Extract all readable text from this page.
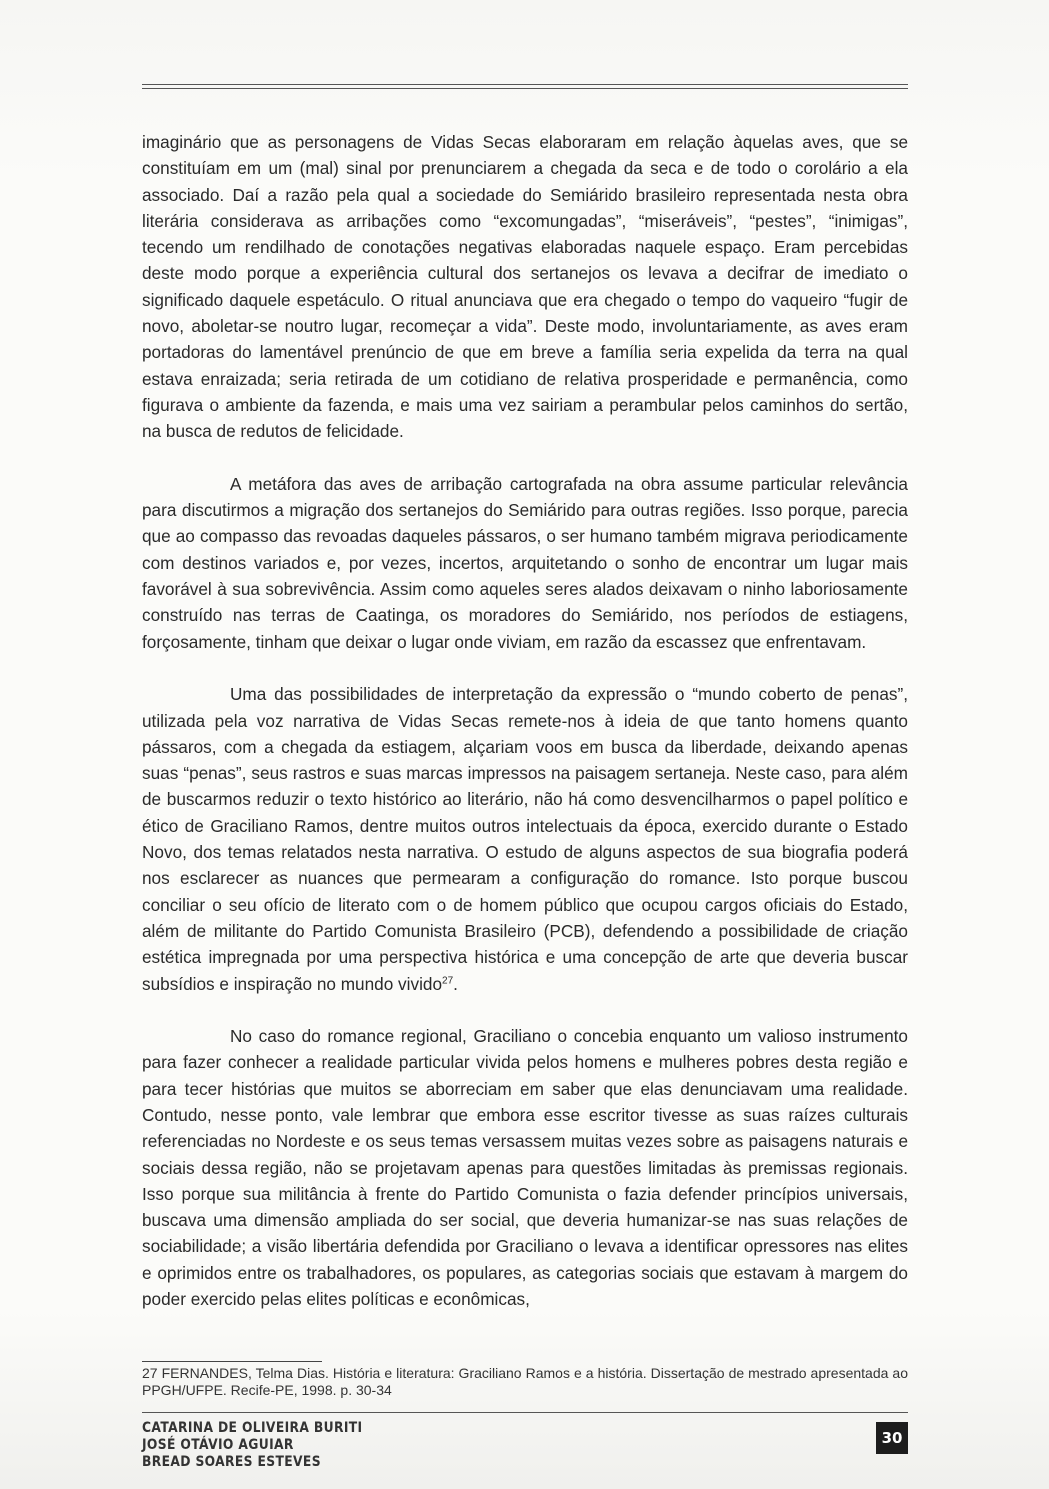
imaginário que as personagens de Vidas Secas elaboraram em relação àquelas aves, que se constituíam em um (mal) sinal por prenunciarem a chegada da seca e de todo o corolário a ela associado. Daí a razão pela qual a sociedade do Semiárido brasileiro representada nesta obra literária considerava as arribações como “excomungadas”, “miseráveis”, “pestes”, “inimigas”, tecendo um rendilhado de conotações negativas elaboradas naquele espaço. Eram percebidas deste modo porque a experiência cultural dos sertanejos os levava a decifrar de imediato o significado daquele espetáculo. O ritual anunciava que era chegado o tempo do vaqueiro “fugir de novo, aboletar-se noutro lugar, recomeçar a vida”. Deste modo, involuntariamente, as aves eram portadoras do lamentável prenúncio de que em breve a família seria expelida da terra na qual estava enraizada; seria retirada de um cotidiano de relativa prosperidade e permanência, como figurava o ambiente da fazenda, e mais uma vez sairiam a perambular pelos caminhos do sertão, na busca de redutos de felicidade.

A metáfora das aves de arribação cartografada na obra assume particular relevância para discutirmos a migração dos sertanejos do Semiárido para outras regiões. Isso porque, parecia que ao compasso das revoadas daqueles pássaros, o ser humano também migrava periodicamente com destinos variados e, por vezes, incertos, arquitetando o sonho de encontrar um lugar mais favorável à sua sobrevivência. Assim como aqueles seres alados deixavam o ninho laboriosamente construído nas terras de Caatinga, os moradores do Semiárido, nos períodos de estiagens, forçosamente, tinham que deixar o lugar onde viviam, em razão da escassez que enfrentavam.

Uma das possibilidades de interpretação da expressão o “mundo coberto de penas”, utilizada pela voz narrativa de Vidas Secas remete-nos à ideia de que tanto homens quanto pássaros, com a chegada da estiagem, alçariam voos em busca da liberdade, deixando apenas suas “penas”, seus rastros e suas marcas impressos na paisagem sertaneja. Neste caso, para além de buscarmos reduzir o texto histórico ao literário, não há como desvencilharmos o papel político e ético de Graciliano Ramos, dentre muitos outros intelectuais da época, exercido durante o Estado Novo, dos temas relatados nesta narrativa. O estudo de alguns aspectos de sua biografia poderá nos esclarecer as nuances que permearam a configuração do romance. Isto porque buscou conciliar o seu ofício de literato com o de homem público que ocupou cargos oficiais do Estado, além de militante do Partido Comunista Brasileiro (PCB), defendendo a possibilidade de criação estética impregnada por uma perspectiva histórica e uma concepção de arte que deveria buscar subsídios e inspiração no mundo vivido$^{27}$.

No caso do romance regional, Graciliano o concebia enquanto um valioso instrumento para fazer conhecer a realidade particular vivida pelos homens e mulheres pobres desta região e para tecer histórias que muitos se aborreciam em saber que elas denunciavam uma realidade. Contudo, nesse ponto, vale lembrar que embora esse escritor tivesse as suas raízes culturais referenciadas no Nordeste e os seus temas versassem muitas vezes sobre as paisagens naturais e sociais dessa região, não se projetavam apenas para questões limitadas às premissas regionais. Isso porque sua militância à frente do Partido Comunista o fazia defender princípios universais, buscava uma dimensão ampliada do ser social, que deveria humanizar-se nas suas relações de sociabilidade; a visão libertária defendida por Graciliano o levava a identificar opressores nas elites e oprimidos entre os trabalhadores, os populares, as categorias sociais que estavam à margem do poder exercido pelas elites políticas e econômicas,

27 FERNANDES, Telma Dias. História e literatura: Graciliano Ramos e a história. Dissertação de mestrado apresentada ao PPGH/UFPE. Recife-PE, 1998. p. 30-34
CATARINA DE OLIVEIRA BURITI
JOSÉ OTÁVIO AGUIAR
BREAD SOARES ESTEVES
30
